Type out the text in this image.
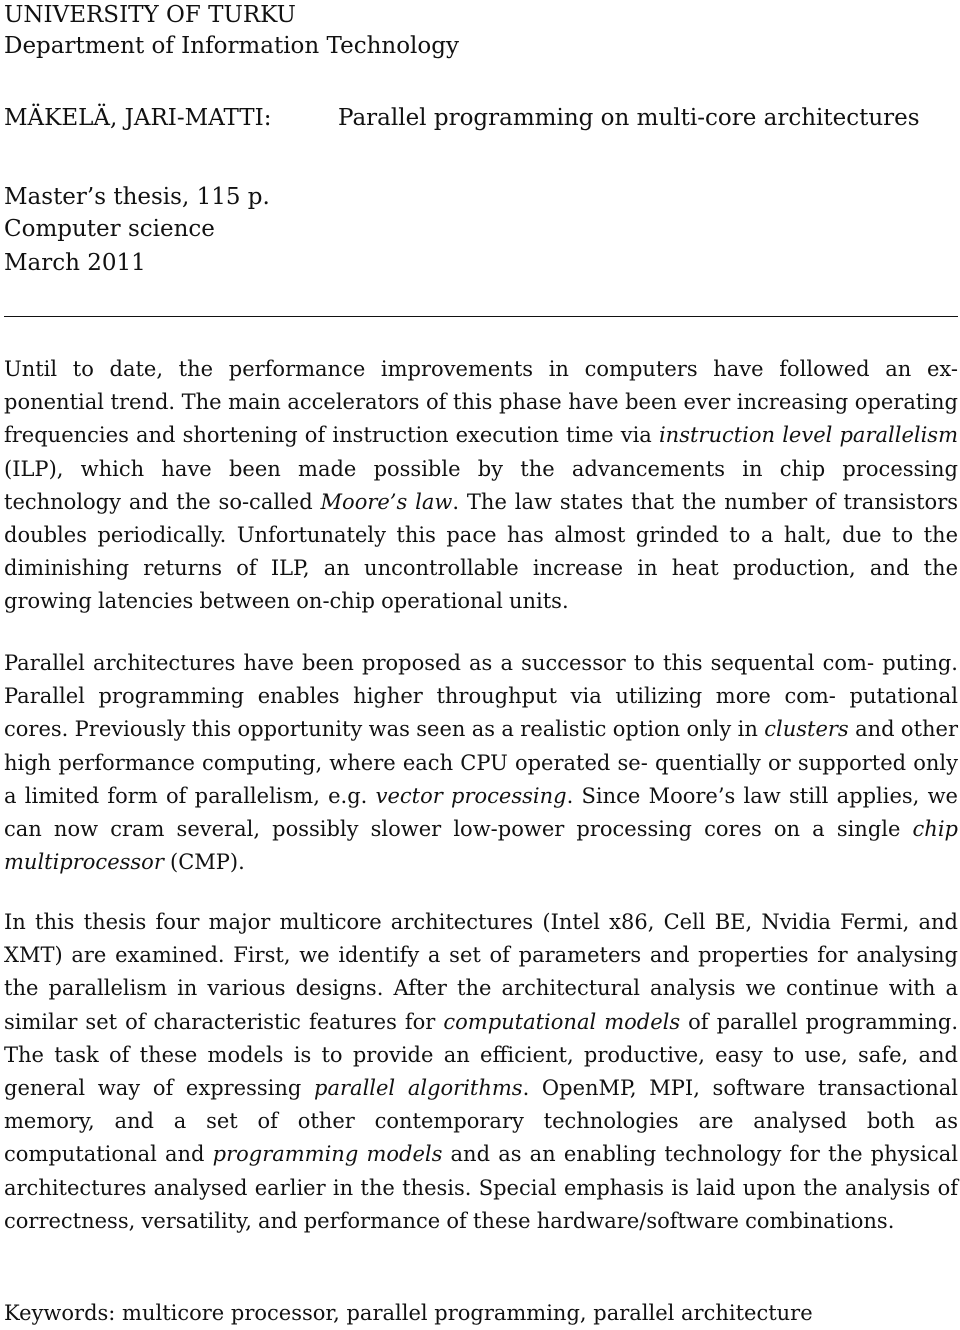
UNIVERSITY OF TURKU
Department of Information Technology
MÄKELÄ, JARI-MATTI:	Parallel programming on multi-core architectures
Master’s thesis, 115 p.
Computer science
March 2011
Until to date, the performance improvements in computers have followed an ex- ponential trend. The main accelerators of this phase have been ever increasing operating frequencies and shortening of instruction execution time via instruction level parallelism (ILP), which have been made possible by the advancements in chip processing technology and the so-called Moore’s law. The law states that the number of transistors doubles periodically. Unfortunately this pace has almost grinded to a halt, due to the diminishing returns of ILP, an uncontrollable increase in heat production, and the growing latencies between on-chip operational units.
Parallel architectures have been proposed as a successor to this sequental com- puting. Parallel programming enables higher throughput via utilizing more com- putational cores. Previously this opportunity was seen as a realistic option only in clusters and other high performance computing, where each CPU operated se- quentially or supported only a limited form of parallelism, e.g. vector processing. Since Moore’s law still applies, we can now cram several, possibly slower low-power processing cores on a single chip multiprocessor (CMP).
In this thesis four major multicore architectures (Intel x86, Cell BE, Nvidia Fermi, and XMT) are examined. First, we identify a set of parameters and properties for analysing the parallelism in various designs. After the architectural analysis we continue with a similar set of characteristic features for computational models of parallel programming. The task of these models is to provide an efficient, productive, easy to use, safe, and general way of expressing parallel algorithms. OpenMP, MPI, software transactional memory, and a set of other contemporary technologies are analysed both as computational and programming models and as an enabling technology for the physical architectures analysed earlier in the thesis. Special emphasis is laid upon the analysis of correctness, versatility, and performance of these hardware/software combinations.
Keywords: multicore processor, parallel programming, parallel architecture
